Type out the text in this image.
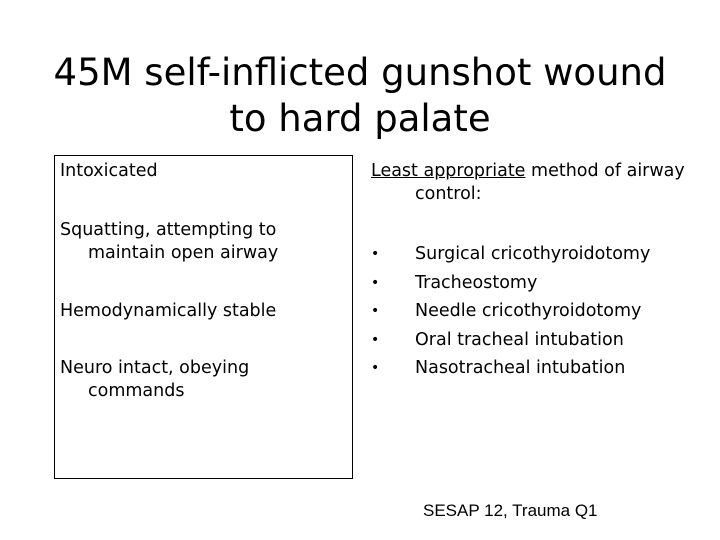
45M self-inflicted gunshot wound
to hard palate
Intoxicated
Squatting, attempting to maintain open airway
Hemodynamically stable
Neuro intact, obeying commands
Least appropriate method of airway control:
•	Surgical cricothyroidotomy
•	Tracheostomy
•	Needle cricothyroidotomy
•	Oral tracheal intubation
•	Nasotracheal intubation
SESAP 12, Trauma Q1
